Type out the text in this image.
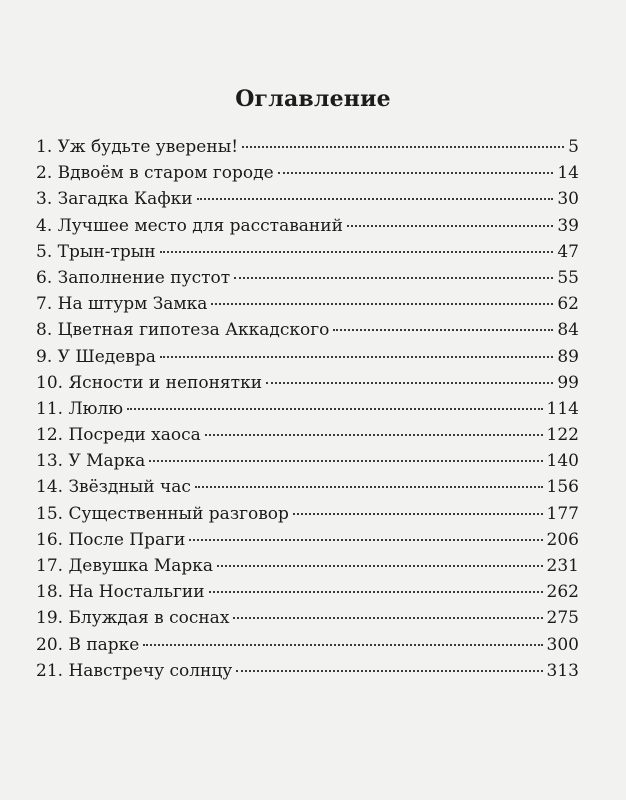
Оглавление
1. Уж будьте уверены!	5
2. Вдвоём в старом городе	14
3. Загадка Кафки	30
4. Лучшее место для расставаний	39
5. Трын-трын	47
6. Заполнение пустот	55
7. На штурм Замка	62
8. Цветная гипотеза Аккадского	84
9. У Шедевра	89
10. Ясности и непонятки	99
11. Люлю	114
12. Посреди хаоса	122
13. У Марка	140
14. Звёздный час	156
15. Существенный разговор	177
16. После Праги	206
17. Девушка Марка	231
18. На Ностальгии	262
19. Блуждая в соснах	275
20. В парке	300
21. Навстречу солнцу	313
